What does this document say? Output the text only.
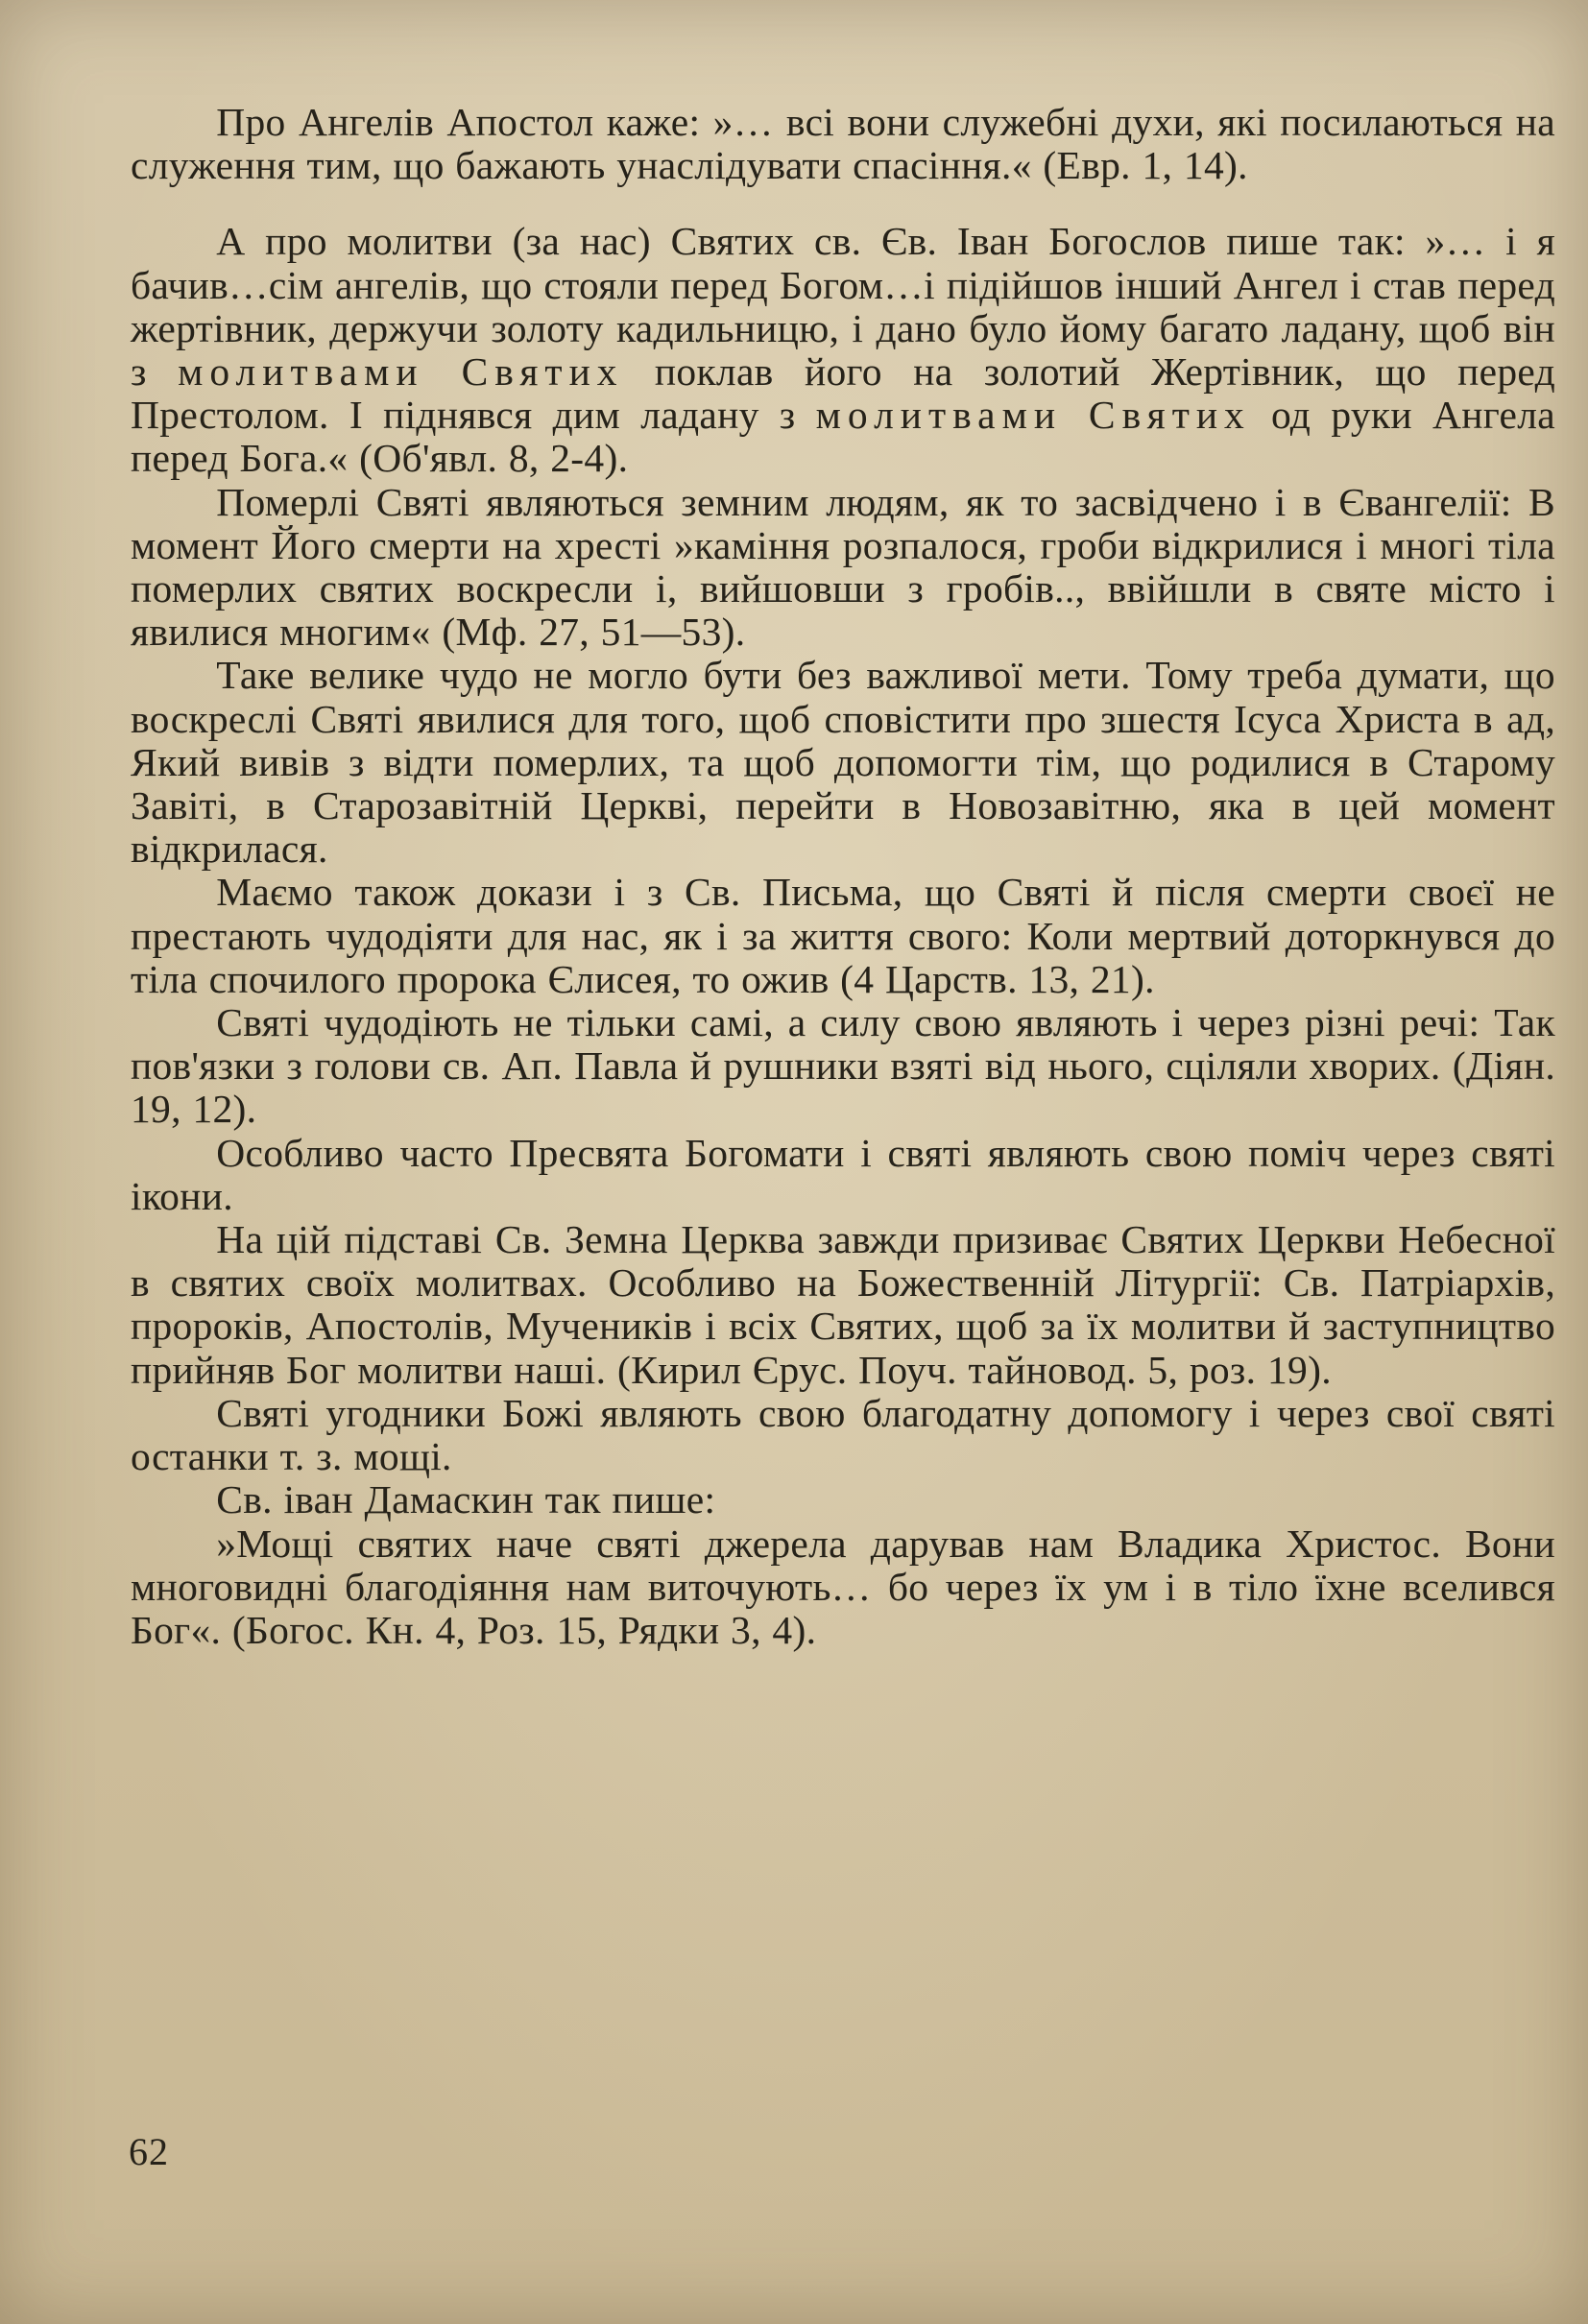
Про Ангелів Апостол каже: »… всі вони служебні духи, які посилаються на служення тим, що бажають унаслідувати спасіння.« (Евр. 1, 14).

А про молитви (за нас) Святих св. Єв. Іван Богослов пише так: »… і я бачив…сім ангелів, що стояли перед Богом…і підійшов інший Ангел і став перед жертівник, держучи золоту кадильницю, і дано було йому багато ладану, щоб він з молитвами Святих поклав його на золотий Жертівник, що перед Престолом. І піднявся дим ладану з молитвами Святих од руки Ангела перед Бога.« (Об'явл. 8, 2-4).

Померлі Святі являються земним людям, як то засвідчено і в Євангелії: В момент Його смерти на хресті »каміння розпалося, гроби відкрилися і многі тіла померлих святих воскресли і, вийшовши з гробів.., ввійшли в святе місто і явилися многим« (Мф. 27, 51—53).

Таке велике чудо не могло бути без важливої мети. Тому треба думати, що воскреслі Святі явилися для того, щоб сповістити про зшестя Ісуса Христа в ад, Який вивів з відти померлих, та щоб допомогти тім, що родилися в Старому Завіті, в Старозавітній Церкві, перейти в Новозавітню, яка в цей момент відкрилася.

Маємо також докази і з Св. Письма, що Святі й після смерти своєї не престають чудодіяти для нас, як і за життя свого: Коли мертвий доторкнувся до тіла спочилого пророка Єлисея, то ожив (4 Царств. 13, 21).

Святі чудодіють не тільки самі, а силу свою являють і через різні речі: Так пов'язки з голови св. Ап. Павла й рушники взяті від нього, сціляли хворих. (Діян. 19, 12).

Особливо часто Пресвята Богомати і святі являють свою поміч через святі ікони.

На цій підставі Св. Земна Церква завжди призиває Святих Церкви Небесної в святих своїх молитвах. Особливо на Божественній Літургії: Св. Патріархів, пророків, Апостолів, Мучеників і всіх Святих, щоб за їх молитви й заступництво прийняв Бог молитви наші. (Кирил Єрус. Поуч. тайновод. 5, роз. 19).

Святі угодники Божі являють свою благодатну допомогу і через свої святі останки т. з. мощі.

Св. іван Дамаскин так пише:

»Мощі святих наче святі джерела дарував нам Владика Христос. Вони многовидні благодіяння нам виточують… бо через їх ум і в тіло їхне вселився Бог«. (Богос. Кн. 4, Роз. 15, Рядки 3, 4).

62
